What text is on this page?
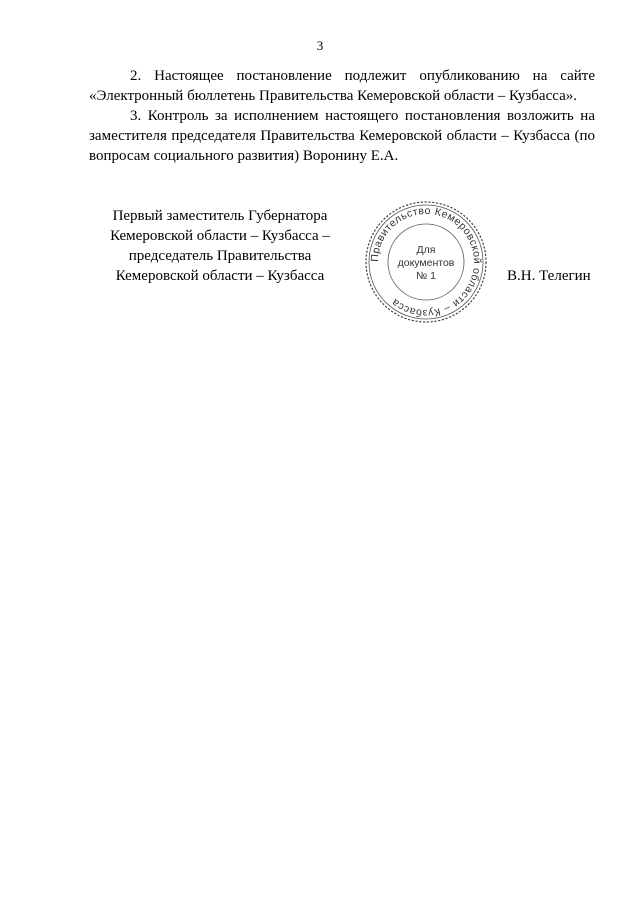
3

2. Настоящее постановление подлежит опубликованию на сайте «Электронный бюллетень Правительства Кемеровской области – Кузбасса».

3. Контроль за исполнением настоящего постановления возложить на заместителя председателя Правительства Кемеровской области – Кузбасса (по вопросам социального развития) Воронину Е.А.

Первый заместитель Губернатора
Кемеровской области – Кузбасса –
председатель Правительства
Кемеровской области – Кузбасса
Правительство Кемеровской области – Кузбасса
Для
документов
№ 1	В.Н. Телегин
